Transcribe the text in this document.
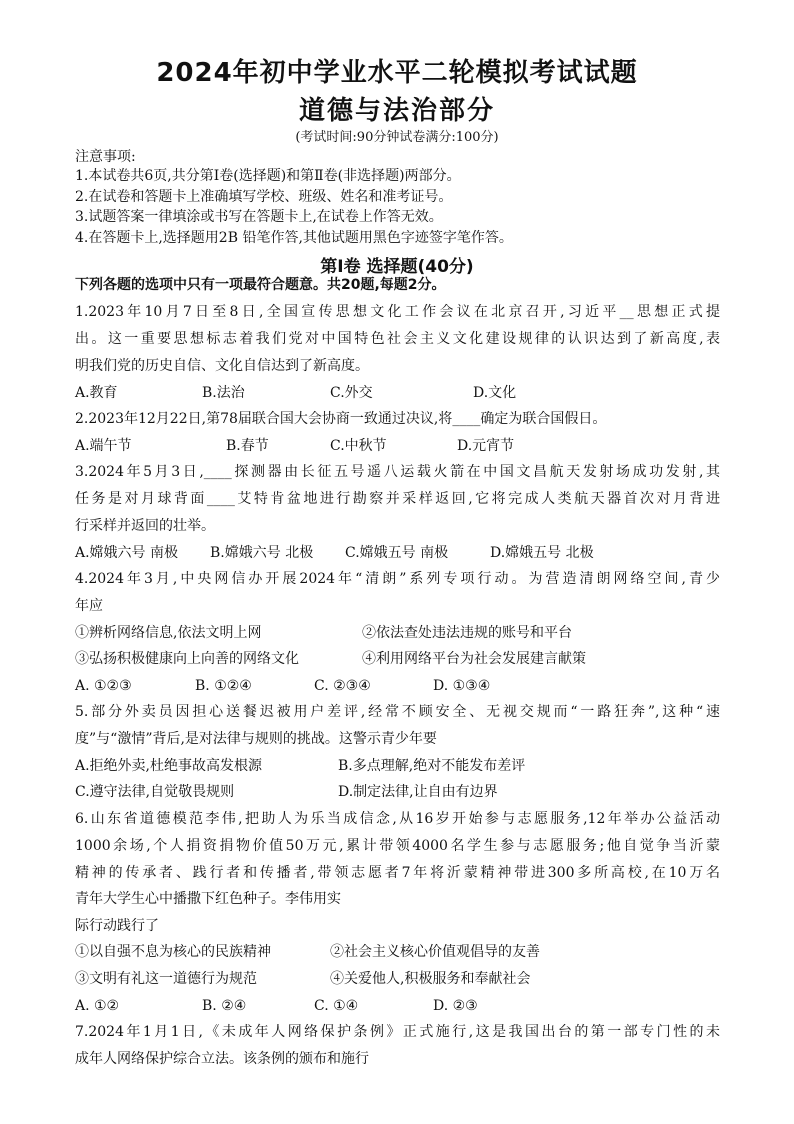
2024年初中学业水平二轮模拟考试试题
道德与法治部分
(考试时间:90分钟试卷满分:100分)
注意事项:
1.本试卷共6页,共分第Ⅰ卷(选择题)和第Ⅱ卷(非选择题)两部分。
2.在试卷和答题卡上准确填写学校、班级、姓名和准考证号。
3.试题答案一律填涂或书写在答题卡上,在试卷上作答无效。
4.在答题卡上,选择题用2B 铅笔作答,其他试题用黑色字迹签字笔作答。
第Ⅰ卷 选择题(40分)
下列各题的选项中只有一项最符合题意。共20题,每题2分。
1.2023年10月7日至8日,全国宣传思想文化工作会议在北京召开,习近平__思想正式提
出。这一重要思想标志着我们党对中国特色社会主义文化建设规律的认识达到了新高度,表
明我们党的历史自信、文化自信达到了新高度。
A.教育	B.法治	C.外交	D.文化
2.2023年12月22日,第78届联合国大会协商一致通过决议,将____确定为联合国假日。
A.端午节	B.春节	C.中秋节	D.元宵节
3.2024年5月3日,____探测器由长征五号遥八运载火箭在中国文昌航天发射场成功发射,其
任务是对月球背面____艾特肯盆地进行勘察并采样返回,它将完成人类航天器首次对月背进
行采样并返回的壮举。
A.嫦娥六号 南极 B.嫦娥六号 北极 C.嫦娥五号 南极	D.嫦娥五号 北极
4.2024年3月,中央网信办开展2024年“清朗”系列专项行动。为营造清朗网络空间,青少
年应
①辨析网络信息,依法文明上网	②依法查处违法违规的账号和平台
③弘扬积极健康向上向善的网络文化	④利用网络平台为社会发展建言献策
A. ①②③	B. ①②④	C. ②③④	D. ①③④
5.部分外卖员因担心送餐迟被用户差评,经常不顾安全、无视交规而“一路狂奔”,这种“速
度”与“激情”背后,是对法律与规则的挑战。这警示青少年要
A.拒绝外卖,杜绝事故高发根源	B.多点理解,绝对不能发布差评
C.遵守法律,自觉敬畏规则	D.制定法律,让自由有边界
6.山东省道德模范李伟,把助人为乐当成信念,从16岁开始参与志愿服务,12年举办公益活动
1000余场,个人捐资捐物价值50万元,累计带领4000名学生参与志愿服务;他自觉争当沂蒙
精神的传承者、践行者和传播者,带领志愿者7年将沂蒙精神带进300多所高校,在10万名
青年大学生心中播撒下红色种子。李伟用实
际行动践行了
①以自强不息为核心的民族精神	②社会主义核心价值观倡导的友善
③文明有礼这一道德行为规范	④关爱他人,积极服务和奉献社会
A. ①②	B. ②④	C. ①④	D. ②③
7.2024年1月1日,《未成年人网络保护条例》正式施行,这是我国出台的第一部专门性的未
成年人网络保护综合立法。该条例的颁布和施行
